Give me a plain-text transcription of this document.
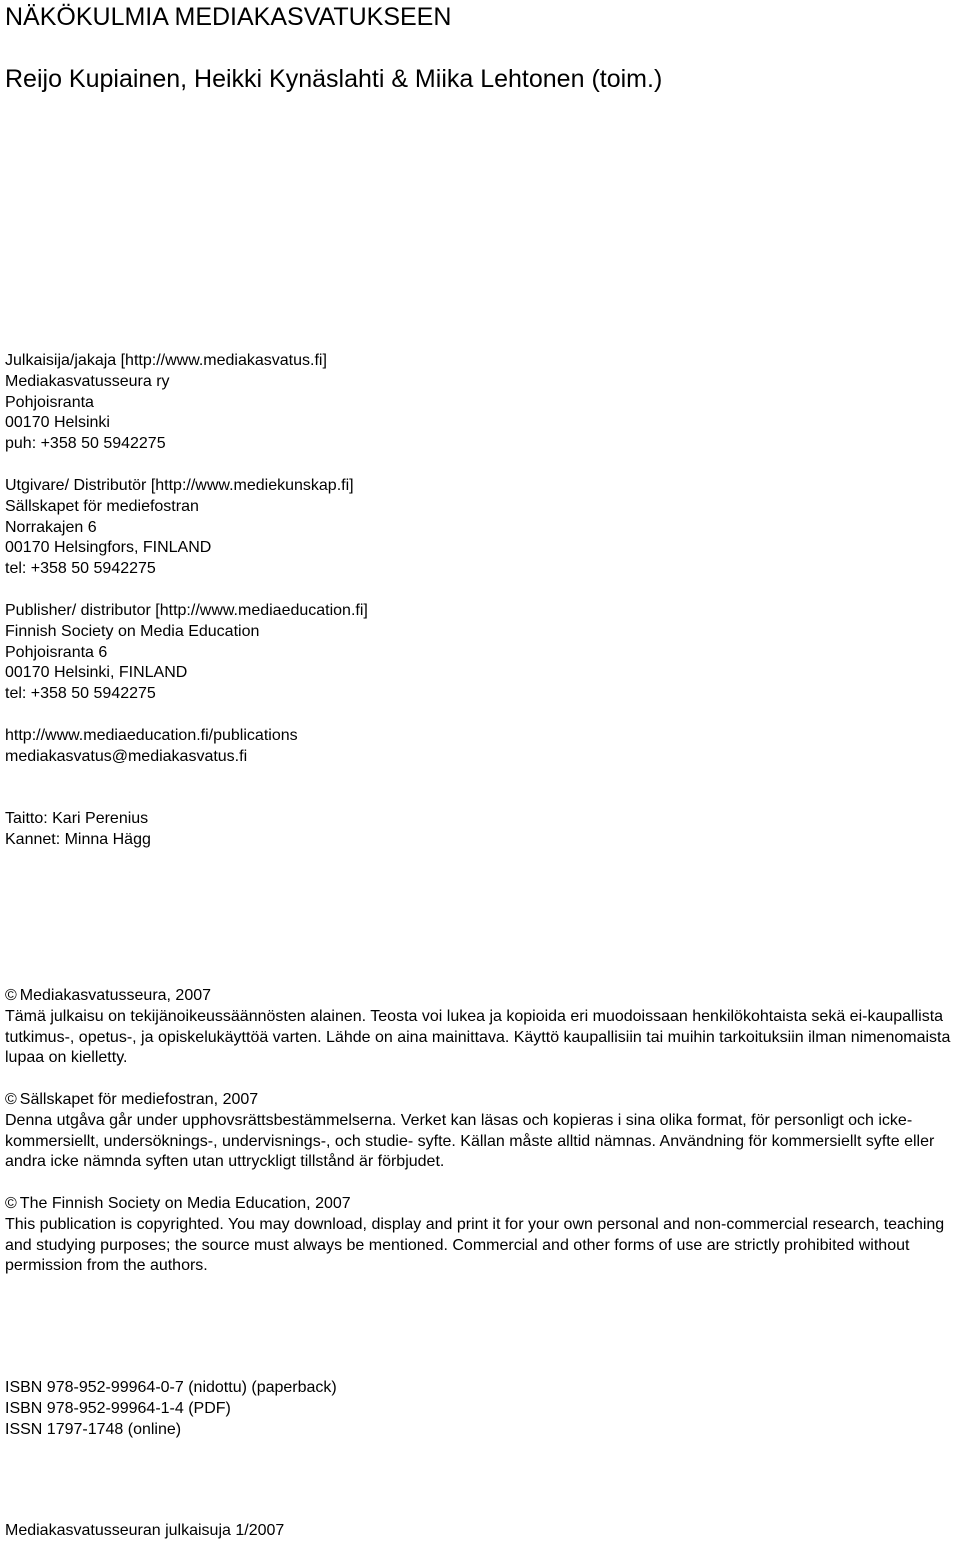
NÄKÖKULMIA MEDIAKASVATUKSEEN
Reijo Kupiainen, Heikki Kynäslahti & Miika Lehtonen (toim.)
Julkaisija/jakaja [http://www.mediakasvatus.fi]
Mediakasvatusseura ry
Pohjoisranta
00170 Helsinki
puh: +358 50 5942275
Utgivare/ Distributör [http://www.mediekunskap.fi]
Sällskapet för mediefostran
Norrakajen 6
00170 Helsingfors, FINLAND
tel: +358 50 5942275
Publisher/ distributor [http://www.mediaeducation.fi]
Finnish Society on Media Education
Pohjoisranta 6
00170 Helsinki, FINLAND
tel: +358 50 5942275
http://www.mediaeducation.fi/publications
mediakasvatus@mediakasvatus.fi
Taitto: Kari Perenius
Kannet: Minna Hägg
© Mediakasvatusseura, 2007
Tämä julkaisu on tekijänoikeussäännösten alainen. Teosta voi lukea ja kopioida eri muodoissaan henkilökohtaista sekä ei-kaupallista tutkimus-, opetus-, ja opiskelukäyttöä varten. Lähde on aina mainittava. Käyttö kaupallisiin tai muihin tarkoituksiin ilman nimenomaista lupaa on kielletty.
© Sällskapet för mediefostran, 2007
Denna utgåva går under upphovsrättsbestämmelserna. Verket kan läsas och kopieras i sina olika format, för personligt och icke-kommersiellt, undersöknings-, undervisnings-, och studie- syfte. Källan måste alltid nämnas. Användning för kommersiellt syfte eller andra icke nämnda syften utan uttryckligt tillstånd är förbjudet.
© The Finnish Society on Media Education, 2007
This publication is copyrighted. You may download, display and print it for your own personal and non-commercial research, teaching and studying purposes; the source must always be mentioned. Commercial and other forms of use are strictly prohibited without permission from the authors.
ISBN 978-952-99964-0-7 (nidottu) (paperback)
ISBN 978-952-99964-1-4 (PDF)
ISSN 1797-1748 (online)
Mediakasvatusseuran julkaisuja 1/2007
